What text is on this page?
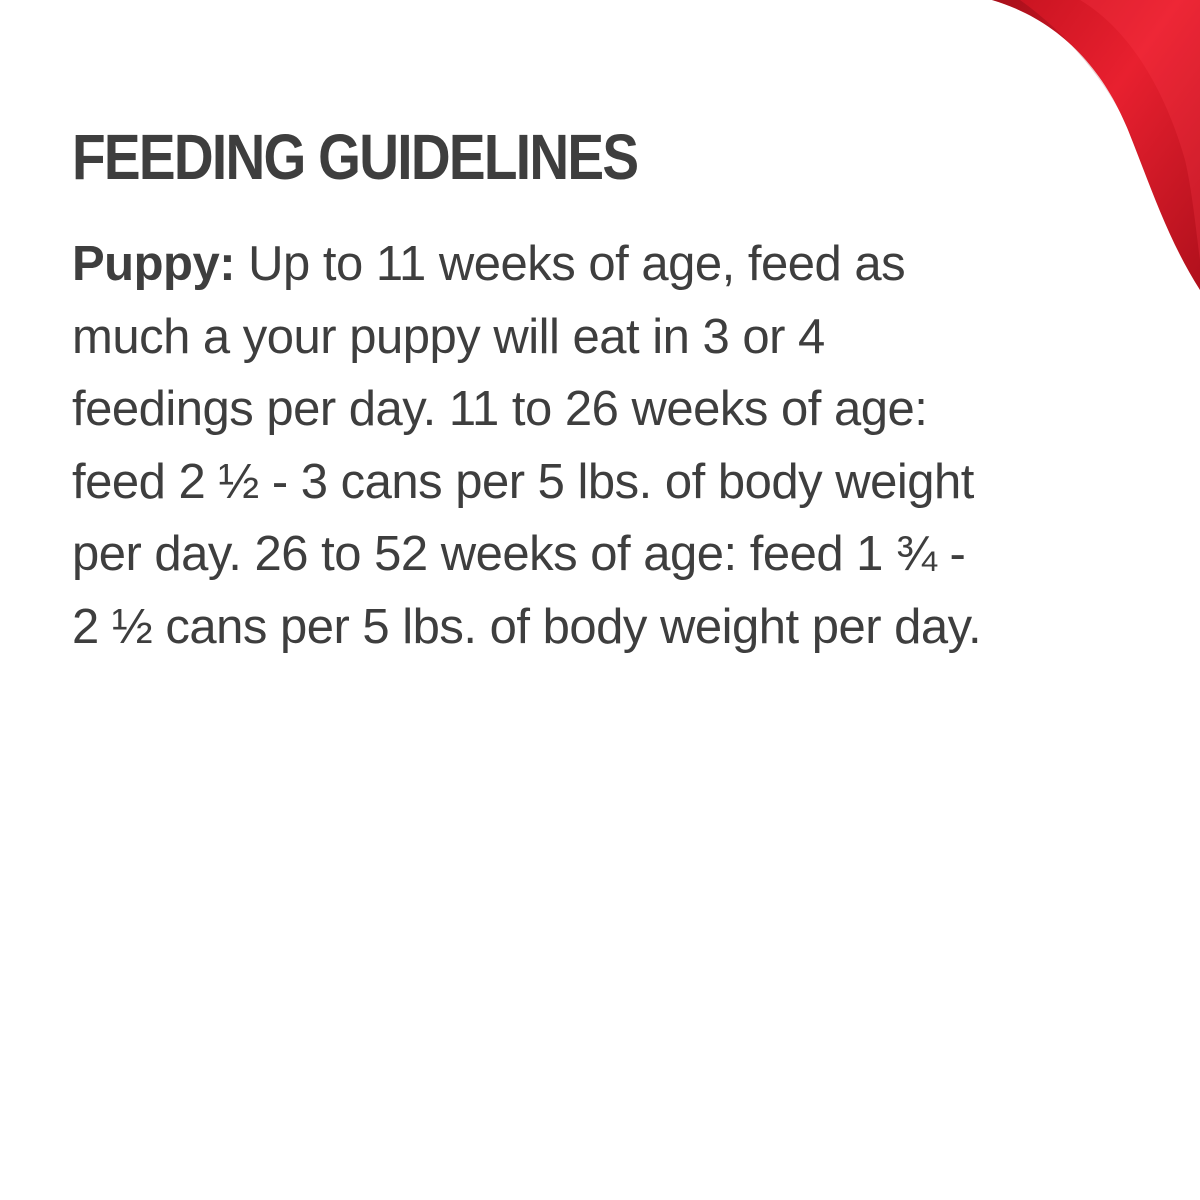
FEEDING GUIDELINES

Puppy: Up to 11 weeks of age, feed as
much a your puppy will eat in 3 or 4
feedings per day. 11 to 26 weeks of age:
feed 2 ½ - 3 cans per 5 lbs. of body weight
per day. 26 to 52 weeks of age: feed 1 ¾ -
2 ½ cans per 5 lbs. of body weight per day.
